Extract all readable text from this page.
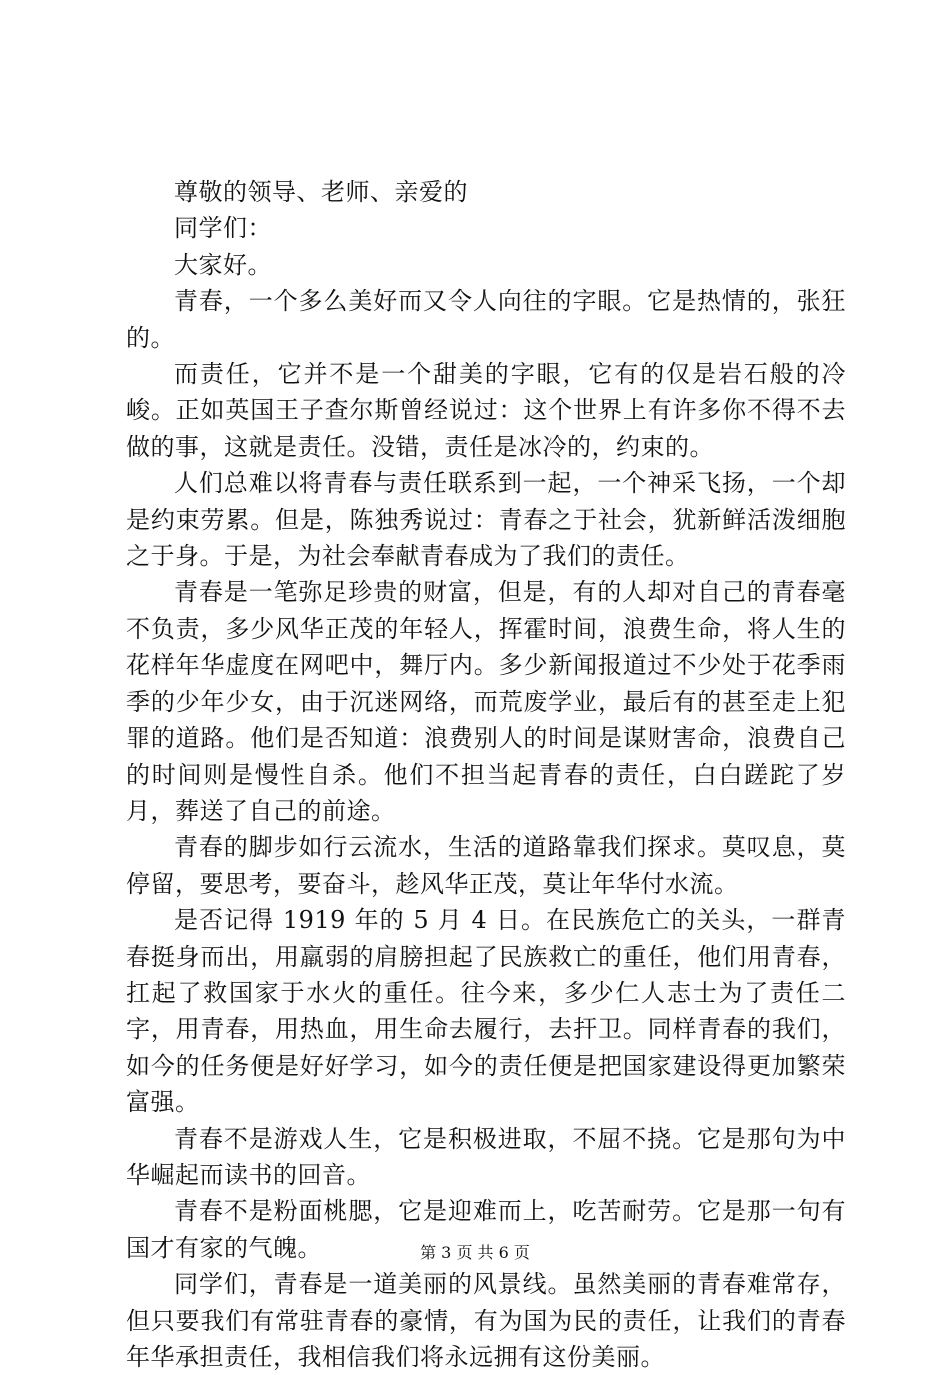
尊敬的领导、老师、亲爱的

同学们：

大家好。

青春，一个多么美好而又令人向往的字眼。它是热情的，张狂的。

而责任，它并不是一个甜美的字眼，它有的仅是岩石般的冷峻。正如英国王子查尔斯曾经说过：这个世界上有许多你不得不去做的事，这就是责任。没错，责任是冰冷的，约束的。

人们总难以将青春与责任联系到一起，一个神采飞扬，一个却是约束劳累。但是，陈独秀说过：青春之于社会，犹新鲜活泼细胞之于身。于是，为社会奉献青春成为了我们的责任。

青春是一笔弥足珍贵的财富，但是，有的人却对自己的青春毫不负责，多少风华正茂的年轻人，挥霍时间，浪费生命，将人生的花样年华虚度在网吧中，舞厅内。多少新闻报道过不少处于花季雨季的少年少女，由于沉迷网络，而荒废学业，最后有的甚至走上犯罪的道路。他们是否知道：浪费别人的时间是谋财害命，浪费自己的时间则是慢性自杀。他们不担当起青春的责任，白白蹉跎了岁月，葬送了自己的前途。

青春的脚步如行云流水，生活的道路靠我们探求。莫叹息，莫停留，要思考，要奋斗，趁风华正茂，莫让年华付水流。

是否记得 1919 年的 5 月 4 日。在民族危亡的关头，一群青春挺身而出，用羸弱的肩膀担起了民族救亡的重任，他们用青春，扛起了救国家于水火的重任。往今来，多少仁人志士为了责任二字，用青春，用热血，用生命去履行，去扞卫。同样青春的我们，如今的任务便是好好学习，如今的责任便是把国家建设得更加繁荣富强。

青春不是游戏人生，它是积极进取，不屈不挠。它是那句为中华崛起而读书的回音。

青春不是粉面桃腮，它是迎难而上，吃苦耐劳。它是那一句有国才有家的气魄。

同学们，青春是一道美丽的风景线。虽然美丽的青春难常存，但只要我们有常驻青春的豪情，有为国为民的责任，让我们的青春年华承担责任，我相信我们将永远拥有这份美丽。

第 3 页 共 6 页
